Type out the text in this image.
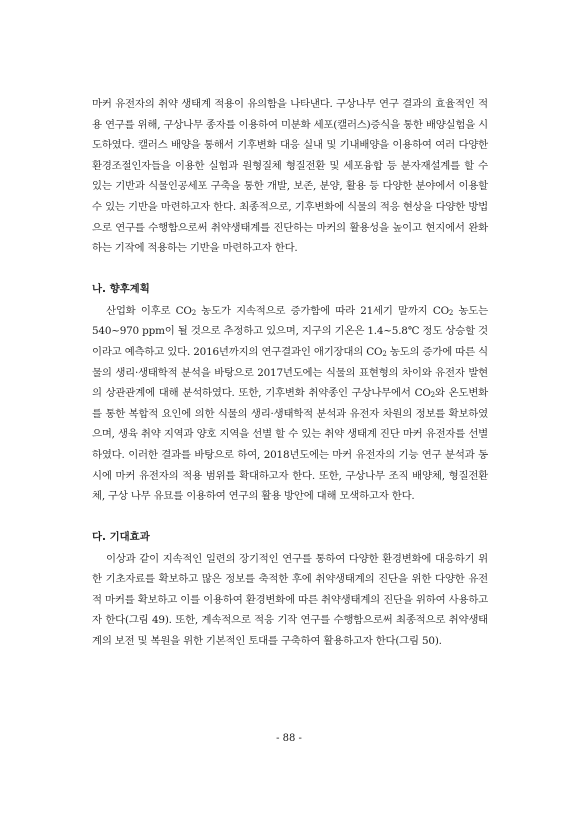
마커 유전자의 취약 생태계 적용이 유의함을 나타낸다. 구상나무 연구 결과의 효율적인 적용 연구를 위해, 구상나무 종자를 이용하여 미분화 세포(캘러스)증식을 통한 배양실험을 시도하였다. 캘러스 배양을 통해서 기후변화 대응 실내 및 기내배양을 이용하여 여러 다양한 환경조절인자들을 이용한 실험과 원형질체 형질전환 및 세포융합 등 분자재설계를 할 수 있는 기반과 식물인공세포 구축을 통한 개발, 보존, 분양, 활용 등 다양한 분야에서 이용할 수 있는 기반을 마련하고자 한다. 최종적으로, 기후변화에 식물의 적응 현상을 다양한 방법으로 연구를 수행함으로써 취약생태계를 진단하는 마커의 활용성을 높이고 현지에서 완화하는 기작에 적용하는 기반을 마련하고자 한다.

나. 향후계획

산업화 이후로 $CO_2$ 농도가 지속적으로 증가함에 따라 21세기 말까지 $CO_2$ 농도는 540~970 ppm이 될 것으로 추정하고 있으며, 지구의 기온은 1.4~5.8℃ 정도 상승할 것이라고 예측하고 있다. 2016년까지의 연구결과인 애기장대의 $CO_2$ 농도의 증가에 따른 식물의 생리·생태학적 분석을 바탕으로 2017년도에는 식물의 표현형의 차이와 유전자 발현의 상관관계에 대해 분석하였다. 또한, 기후변화 취약종인 구상나무에서 $CO_2$와 온도변화를 통한 복합적 요인에 의한 식물의 생리·생태학적 분석과 유전자 차원의 정보를 확보하였으며, 생육 취약 지역과 양호 지역을 선별 할 수 있는 취약 생태계 진단 마커 유전자를 선별하였다. 이러한 결과를 바탕으로 하여, 2018년도에는 마커 유전자의 기능 연구 분석과 동시에 마커 유전자의 적용 범위를 확대하고자 한다. 또한, 구상나무 조직 배양체, 형질전환체, 구상 나무 유묘를 이용하여 연구의 활용 방안에 대해 모색하고자 한다.

다. 기대효과

이상과 같이 지속적인 일련의 장기적인 연구를 통하여 다양한 환경변화에 대응하기 위한 기초자료를 확보하고 많은 정보를 축적한 후에 취약생태계의 진단을 위한 다양한 유전적 마커를 확보하고 이를 이용하여 환경변화에 따른 취약생태계의 진단을 위하여 사용하고자 한다(그림 49). 또한, 계속적으로 적응 기작 연구를 수행함으로써 최종적으로 취약생태계의 보전 및 복원을 위한 기본적인 토대를 구축하여 활용하고자 한다(그림 50).

- 88 -
